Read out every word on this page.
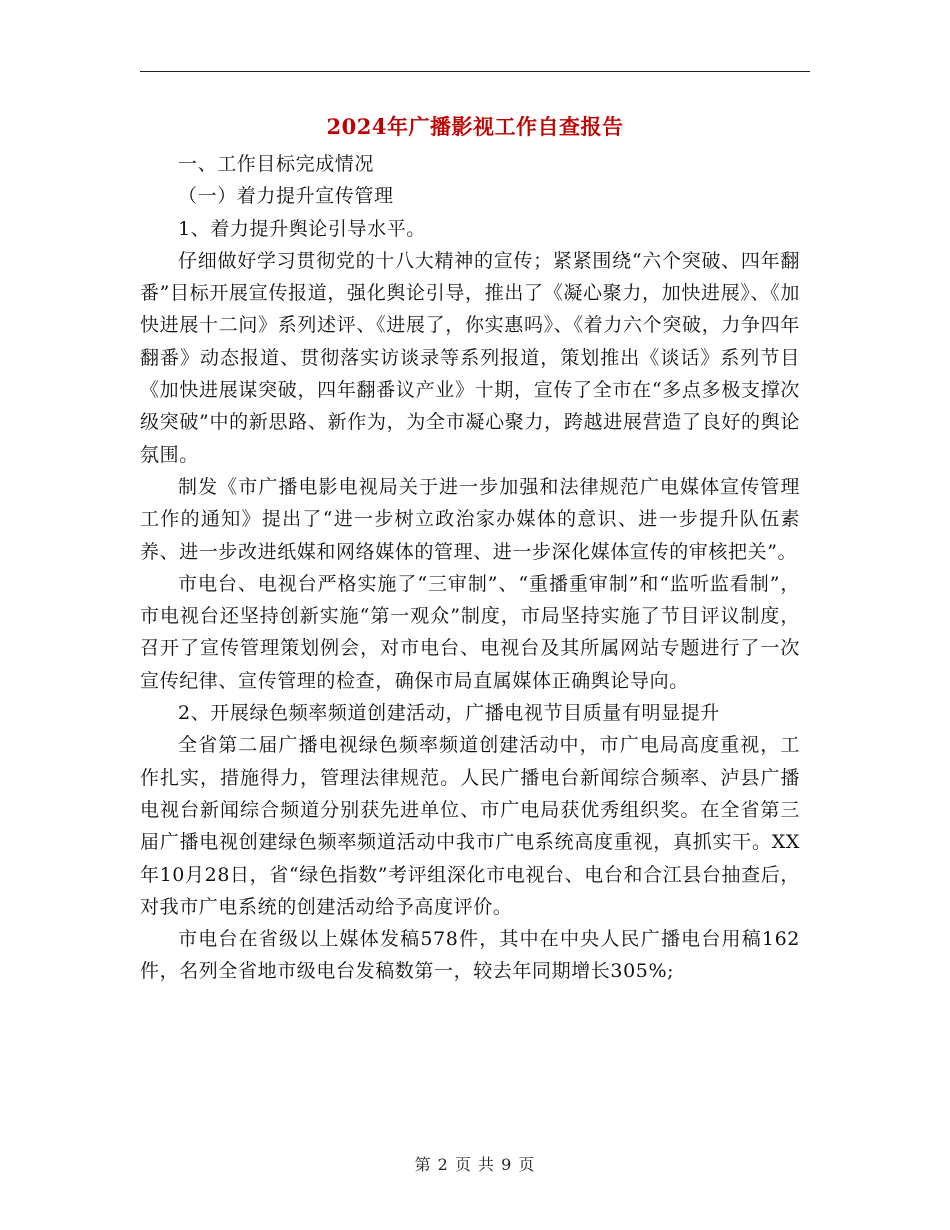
2024年广播影视工作自查报告

一、工作目标完成情况

（一）着力提升宣传管理

1、着力提升舆论引导水平。

仔细做好学习贯彻党的十八大精神的宣传；紧紧围绕“六个突破、四年翻番”目标开展宣传报道，强化舆论引导，推出了《凝心聚力，加快进展》、《加快进展十二问》系列述评、《进展了，你实惠吗》、《着力六个突破，力争四年翻番》动态报道、贯彻落实访谈录等系列报道，策划推出《谈话》系列节目《加快进展谋突破，四年翻番议产业》十期，宣传了全市在“多点多极支撑次级突破”中的新思路、新作为，为全市凝心聚力，跨越进展营造了良好的舆论氛围。

制发《市广播电影电视局关于进一步加强和法律规范广电媒体宣传管理工作的通知》提出了“进一步树立政治家办媒体的意识、进一步提升队伍素养、进一步改进纸媒和网络媒体的管理、进一步深化媒体宣传的审核把关”。

市电台、电视台严格实施了“三审制”、“重播重审制”和“监听监看制”，市电视台还坚持创新实施“第一观众”制度，市局坚持实施了节目评议制度，召开了宣传管理策划例会，对市电台、电视台及其所属网站专题进行了一次宣传纪律、宣传管理的检查，确保市局直属媒体正确舆论导向。

2、开展绿色频率频道创建活动，广播电视节目质量有明显提升

全省第二届广播电视绿色频率频道创建活动中，市广电局高度重视，工作扎实，措施得力，管理法律规范。人民广播电台新闻综合频率、泸县广播电视台新闻综合频道分别获先进单位、市广电局获优秀组织奖。在全省第三届广播电视创建绿色频率频道活动中我市广电系统高度重视，真抓实干。XX年10月28日，省“绿色指数”考评组深化市电视台、电台和合江县台抽查后，对我市广电系统的创建活动给予高度评价。

市电台在省级以上媒体发稿578件，其中在中央人民广播电台用稿162件，名列全省地市级电台发稿数第一，较去年同期增长305%;

第 2 页 共 9 页
